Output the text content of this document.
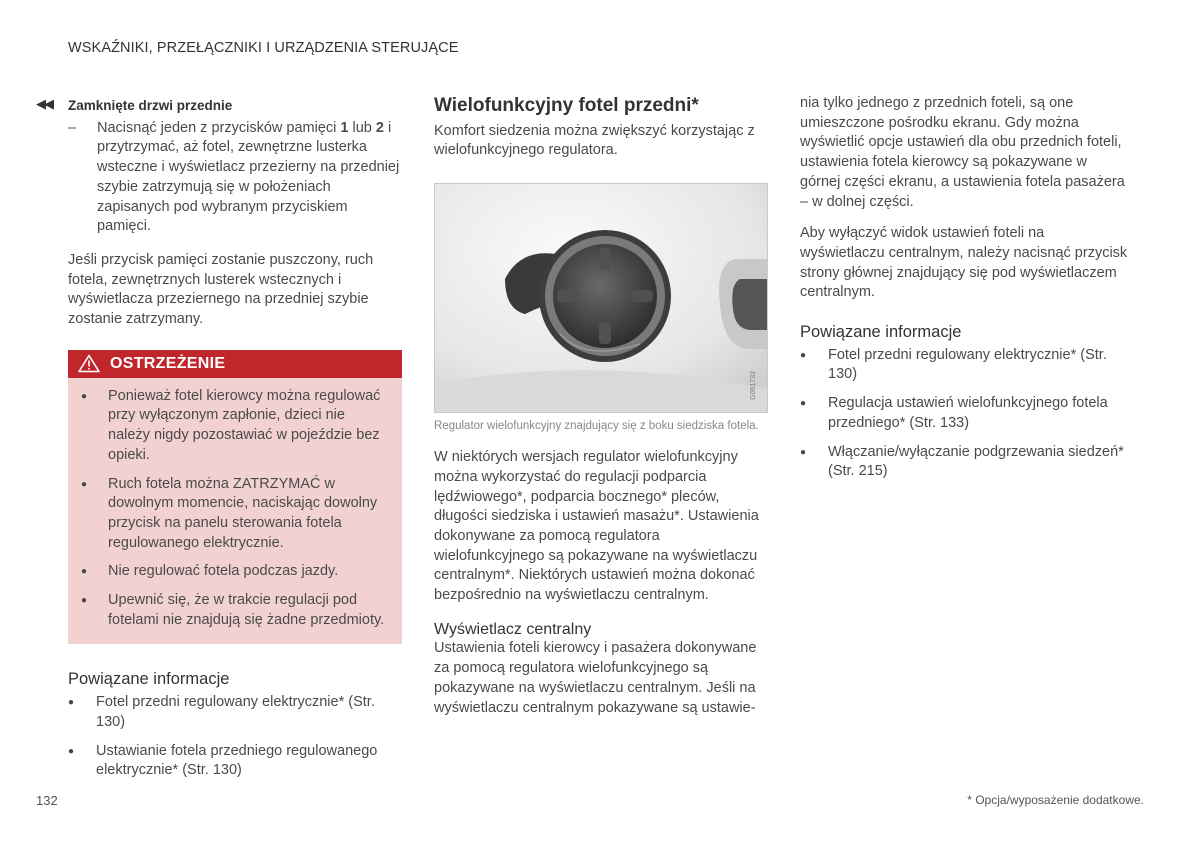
WSKAŹNIKI, PRZEŁĄCZNIKI I URZĄDZENIA STERUJĄCE
◀◀ Zamknięte drzwi przednie

– Nacisnąć jeden z przycisków pamięci 1 lub 2 i przytrzymać, aż fotel, zewnętrzne lusterka wsteczne i wyświetlacz przezierny na przedniej szybie zatrzymują się w położeniach zapisanych pod wybranym przyciskiem pamięci.

Jeśli przycisk pamięci zostanie puszczony, ruch fotela, zewnętrznych lusterek wstecznych i wyświetlacza przeziernego na przedniej szybie zostanie zatrzymany.

OSTRZEŻENIE
● Ponieważ fotel kierowcy można regulować przy wyłączonym zapłonie, dzieci nie należy nigdy pozostawiać w pojeździe bez opieki.
● Ruch fotela można ZATRZYMAĆ w dowolnym momencie, naciskając dowolny przycisk na panelu sterowania fotela regulowanego elektrycznie.
● Nie regulować fotela podczas jazdy.
● Upewnić się, że w trakcie regulacji pod fotelami nie znajdują się żadne przedmioty.

Powiązane informacje

● Fotel przedni regulowany elektrycznie* (Str. 130)
● Ustawianie fotela przedniego regulowanego elektrycznie* (Str. 130)

Wielofunkcyjny fotel przedni*

Komfort siedzenia można zwiększyć korzystając z wielofunkcyjnego regulatora.

G061732

Regulator wielofunkcyjny znajdujący się z boku siedziska fotela.

W niektórych wersjach regulator wielofunkcyjny można wykorzystać do regulacji podparcia lędźwiowego*, podparcia bocznego* pleców, długości siedziska i ustawień masażu*. Ustawienia dokonywane za pomocą regulatora wielofunkcyjnego są pokazywane na wyświetlaczu centralnym*. Niektórych ustawień można dokonać bezpośrednio na wyświetlaczu centralnym.

Wyświetlacz centralny

Ustawienia foteli kierowcy i pasażera dokonywane za pomocą regulatora wielofunkcyjnego są pokazywane na wyświetlaczu centralnym. Jeśli na wyświetlaczu centralnym pokazywane są ustawie-

nia tylko jednego z przednich foteli, są one umieszczone pośrodku ekranu. Gdy można wyświetlić opcje ustawień dla obu przednich foteli, ustawienia fotela kierowcy są pokazywane w górnej części ekranu, a ustawienia fotela pasażera – w dolnej części.

Aby wyłączyć widok ustawień foteli na wyświetlaczu centralnym, należy nacisnąć przycisk strony głównej znajdujący się pod wyświetlaczem centralnym.

Powiązane informacje

● Fotel przedni regulowany elektrycznie* (Str. 130)
● Regulacja ustawień wielofunkcyjnego fotela przedniego* (Str. 133)
● Włączanie/wyłączanie podgrzewania siedzeń* (Str. 215)
132	* Opcja/wyposażenie dodatkowe.
